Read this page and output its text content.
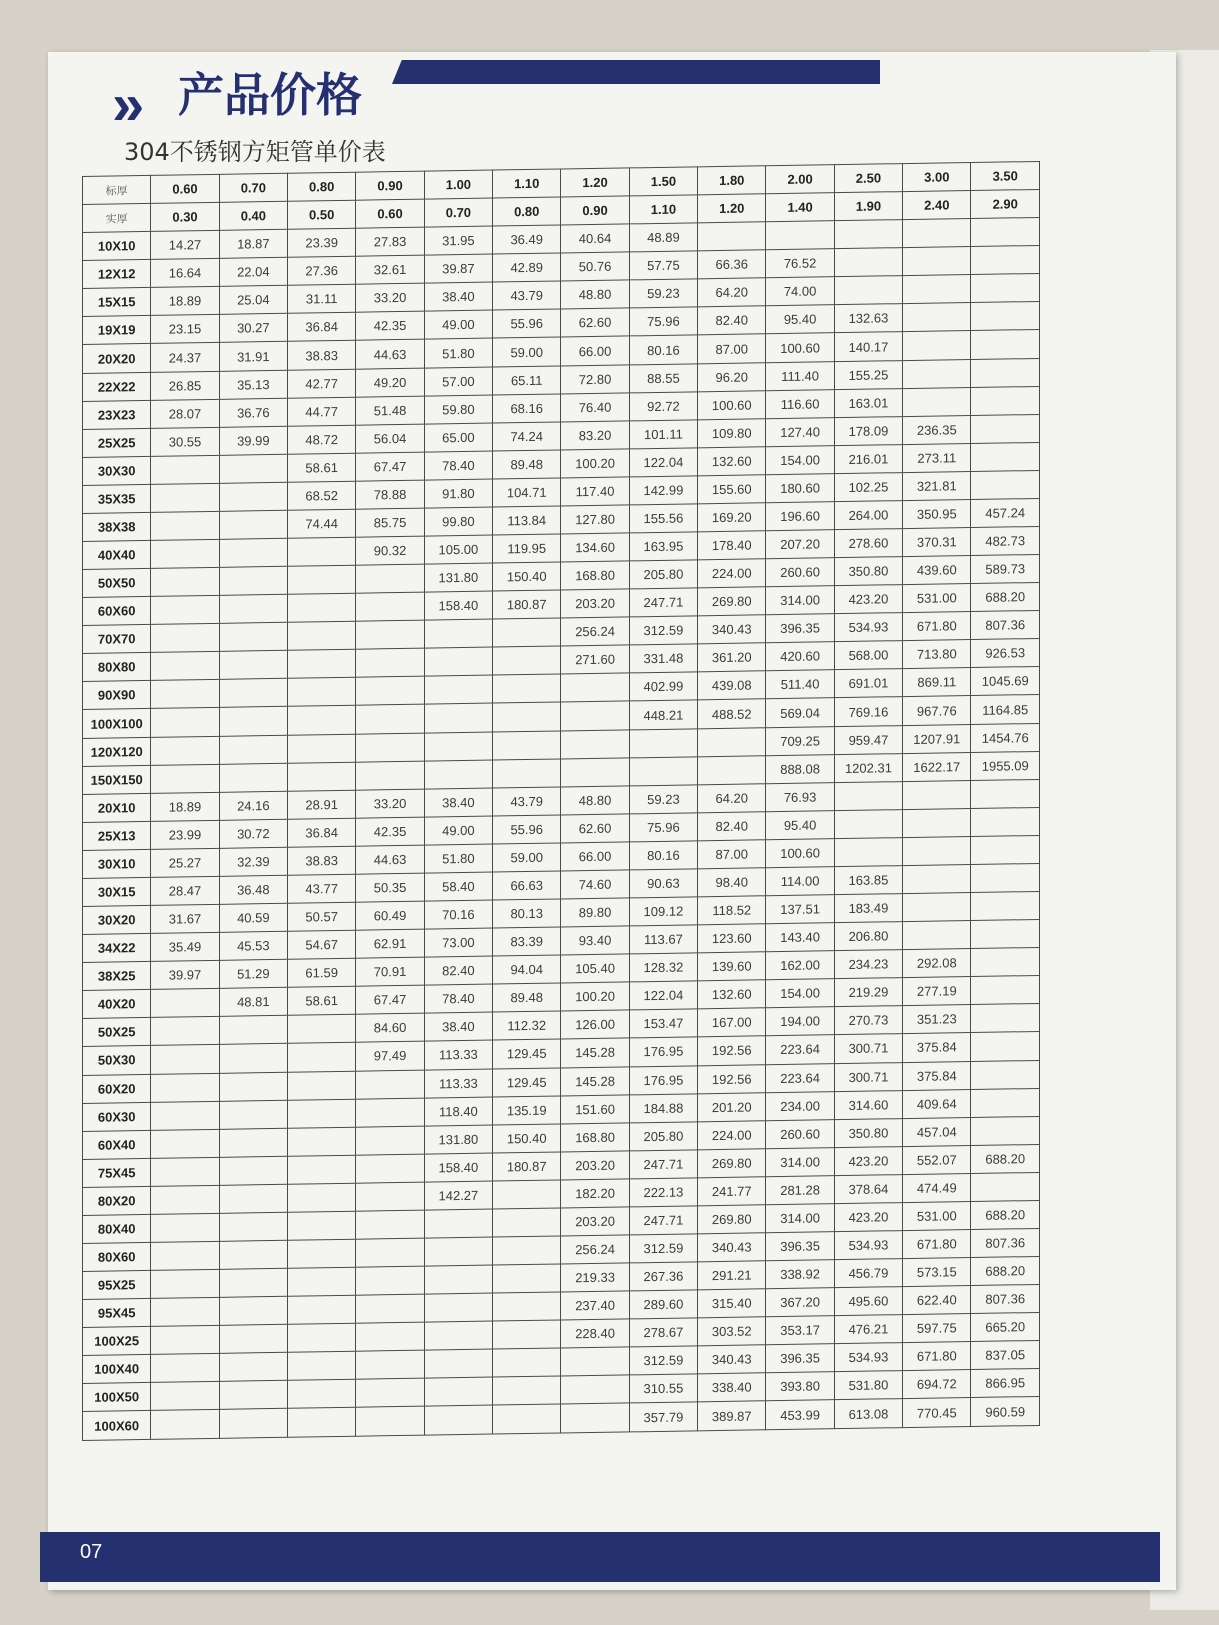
» 产品价格
304不锈钢方矩管单价表
标厚	0.60	0.70	0.80	0.90	1.00	1.10	1.20	1.50	1.80	2.00	2.50	3.00	3.50
实厚	0.30	0.40	0.50	0.60	0.70	0.80	0.90	1.10	1.20	1.40	1.90	2.40	2.90
10X10	14.27	18.87	23.39	27.83	31.95	36.49	40.64	48.89					
12X12	16.64	22.04	27.36	32.61	39.87	42.89	50.76	57.75	66.36	76.52			
15X15	18.89	25.04	31.11	33.20	38.40	43.79	48.80	59.23	64.20	74.00			
19X19	23.15	30.27	36.84	42.35	49.00	55.96	62.60	75.96	82.40	95.40	132.63		
20X20	24.37	31.91	38.83	44.63	51.80	59.00	66.00	80.16	87.00	100.60	140.17		
22X22	26.85	35.13	42.77	49.20	57.00	65.11	72.80	88.55	96.20	111.40	155.25		
23X23	28.07	36.76	44.77	51.48	59.80	68.16	76.40	92.72	100.60	116.60	163.01		
25X25	30.55	39.99	48.72	56.04	65.00	74.24	83.20	101.11	109.80	127.40	178.09	236.35	
30X30			58.61	67.47	78.40	89.48	100.20	122.04	132.60	154.00	216.01	273.11	
35X35			68.52	78.88	91.80	104.71	117.40	142.99	155.60	180.60	102.25	321.81	
38X38			74.44	85.75	99.80	113.84	127.80	155.56	169.20	196.60	264.00	350.95	457.24
40X40				90.32	105.00	119.95	134.60	163.95	178.40	207.20	278.60	370.31	482.73
50X50					131.80	150.40	168.80	205.80	224.00	260.60	350.80	439.60	589.73
60X60					158.40	180.87	203.20	247.71	269.80	314.00	423.20	531.00	688.20
70X70							256.24	312.59	340.43	396.35	534.93	671.80	807.36
80X80							271.60	331.48	361.20	420.60	568.00	713.80	926.53
90X90								402.99	439.08	511.40	691.01	869.11	1045.69
100X100								448.21	488.52	569.04	769.16	967.76	1164.85
120X120										709.25	959.47	1207.91	1454.76
150X150										888.08	1202.31	1622.17	1955.09
20X10	18.89	24.16	28.91	33.20	38.40	43.79	48.80	59.23	64.20	76.93			
25X13	23.99	30.72	36.84	42.35	49.00	55.96	62.60	75.96	82.40	95.40			
30X10	25.27	32.39	38.83	44.63	51.80	59.00	66.00	80.16	87.00	100.60			
30X15	28.47	36.48	43.77	50.35	58.40	66.63	74.60	90.63	98.40	114.00	163.85		
30X20	31.67	40.59	50.57	60.49	70.16	80.13	89.80	109.12	118.52	137.51	183.49		
34X22	35.49	45.53	54.67	62.91	73.00	83.39	93.40	113.67	123.60	143.40	206.80		
38X25	39.97	51.29	61.59	70.91	82.40	94.04	105.40	128.32	139.60	162.00	234.23	292.08	
40X20		48.81	58.61	67.47	78.40	89.48	100.20	122.04	132.60	154.00	219.29	277.19	
50X25				84.60	38.40	112.32	126.00	153.47	167.00	194.00	270.73	351.23	
50X30				97.49	113.33	129.45	145.28	176.95	192.56	223.64	300.71	375.84	
60X20					113.33	129.45	145.28	176.95	192.56	223.64	300.71	375.84	
60X30					118.40	135.19	151.60	184.88	201.20	234.00	314.60	409.64	
60X40					131.80	150.40	168.80	205.80	224.00	260.60	350.80	457.04	
75X45					158.40	180.87	203.20	247.71	269.80	314.00	423.20	552.07	688.20
80X20					142.27		182.20	222.13	241.77	281.28	378.64	474.49	
80X40							203.20	247.71	269.80	314.00	423.20	531.00	688.20
80X60							256.24	312.59	340.43	396.35	534.93	671.80	807.36
95X25							219.33	267.36	291.21	338.92	456.79	573.15	688.20
95X45							237.40	289.60	315.40	367.20	495.60	622.40	807.36
100X25							228.40	278.67	303.52	353.17	476.21	597.75	665.20
100X40								312.59	340.43	396.35	534.93	671.80	837.05
100X50								310.55	338.40	393.80	531.80	694.72	866.95
100X60								357.79	389.87	453.99	613.08	770.45	960.59
07
